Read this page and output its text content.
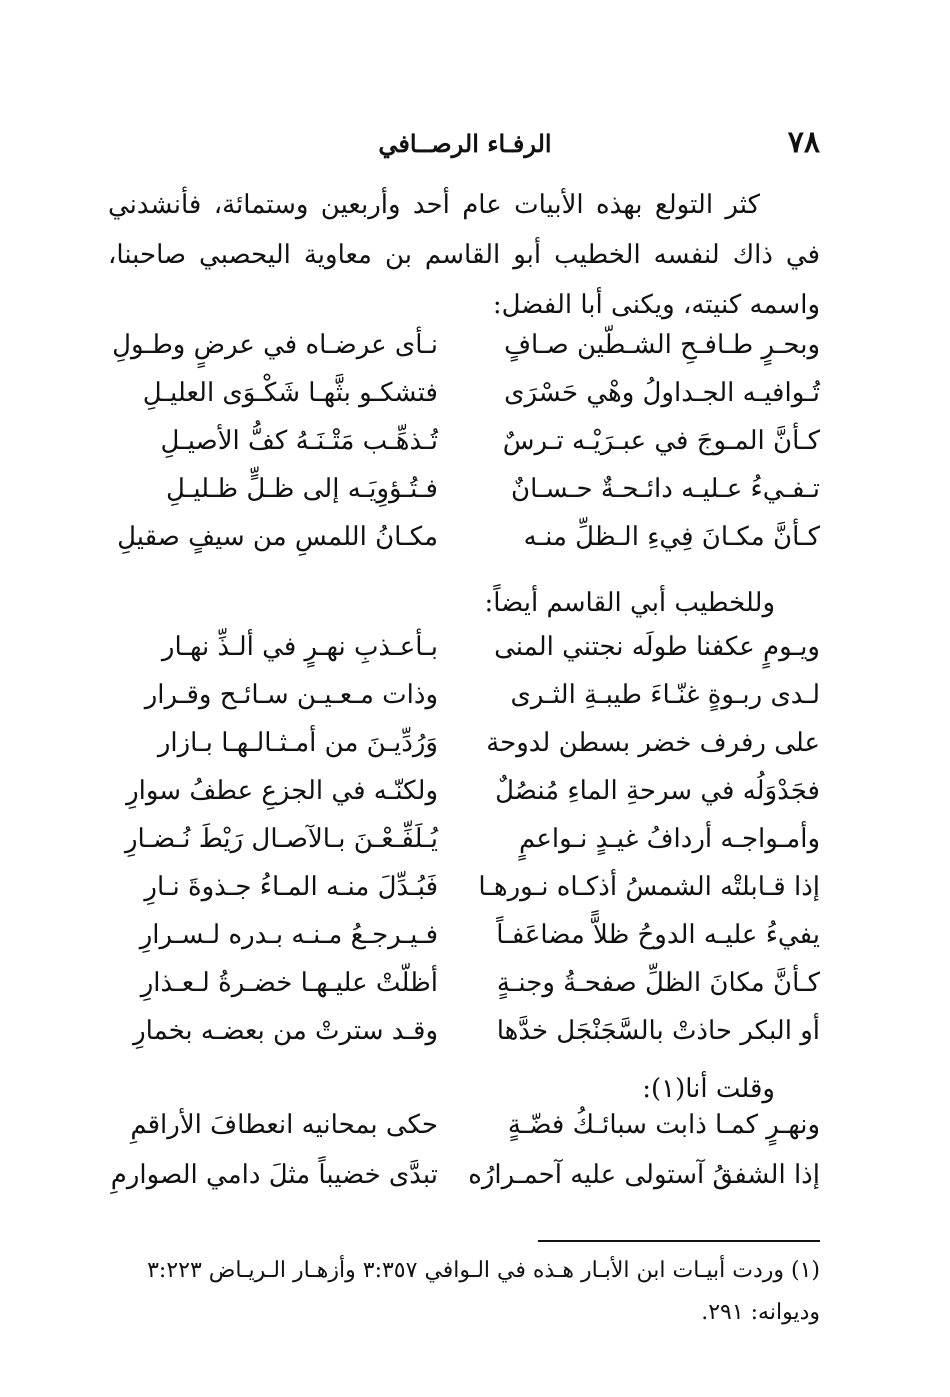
٧٨
الرفـاء الرصــافي

كثر التولع بهذه الأبيات عام أحد وأربعين وستمائة، فأنشدني في ذاك لنفسه الخطيب أبو القاسم بن معاوية اليحصبي صاحبنا، واسمه كنيته، ويكنى أبا الفضل:

وبحـرٍ طـافـحِ الشـطّين صـافٍ
نـأى عرضـاه في عرضٍ وطـولِ
تُـوافيـه الجـداولُ وهْي حَسْرَى
فتشكـو بثَّهـا شَكْـوَى العليـلِ
كـأنَّ المـوجَ في عبـرَيْـه تـرسٌ
تُـذهِّـب مَتْـنَـهُ كفُّ الأصيـلِ
تـفـيءُ عـليـه دائـحـةٌ حـسـانٌ
فـتُـؤوِيَـه إلى ظـلٍّ ظـليـلِ
كـأنَّ مكـانَ فِيءِ الـظلِّ منـه
مكـانُ اللمسِ من سيفٍ صقيلِ
وللخطيب أبي القاسم أيضاً:
ويـومٍ عكفنا طولَه نجتني المنى
بـأعـذبِ نهـرٍ في ألـذِّ نهـار
لـدى ربـوةٍ غنّـاءَ طيبـةِ الثـرى
وذات مـعـيـن سـائـح وقـرار
على رفرف خضر بسطن لدوحة
وَرُدِّيـنَ من أمـثـالـهـا بـازار
فجَدْوَلُه في سرحةِ الماءِ مُنصُلٌ
ولكنّـه في الجزعِ عطفُ سوارِ
وأمـواجـه أردافُ غيـدٍ نـواعمٍ
يُـلَفِّـعْـنَ بـالآصـال رَيْطَ نُـضـارِ
إذا قـابلتْه الشمسُ أذكـاه نـورهـا
فَبُـدِّلَ منـه المـاءُ جـذوةَ نـارِ
يفيءُ عليـه الدوحُ ظلاًّ مضاعَفـاً
فـيـرجـعُ مـنـه بـدره لـسـرارِ
كـأنَّ مكانَ الظلِّ صفحـةُ وجنـةٍ
أظلّتْ عليـهـا خضـرةُ لـعـذارِ
أو البكر حاذتْ بالسَّجَنْجَل خدَّها
وقـد سترتْ من بعضـه بخمارِ
وقلت أنا(١):
ونهـرٍ كمـا ذابت سبائـكُ فضّـةٍ
حكى بمحانيه انعطافَ الأراقمِ
إذا الشفقُ آستولى عليه آحمـرارُه
تبدَّى خضيباً مثلَ دامي الصوارمِ

(١) وردت أبيـات ابن الأبـار هـذه في الـوافي ٣:٣٥٧ وأزهـار الـريـاض ٣:٢٢٣

وديوانه: ٢٩١.
